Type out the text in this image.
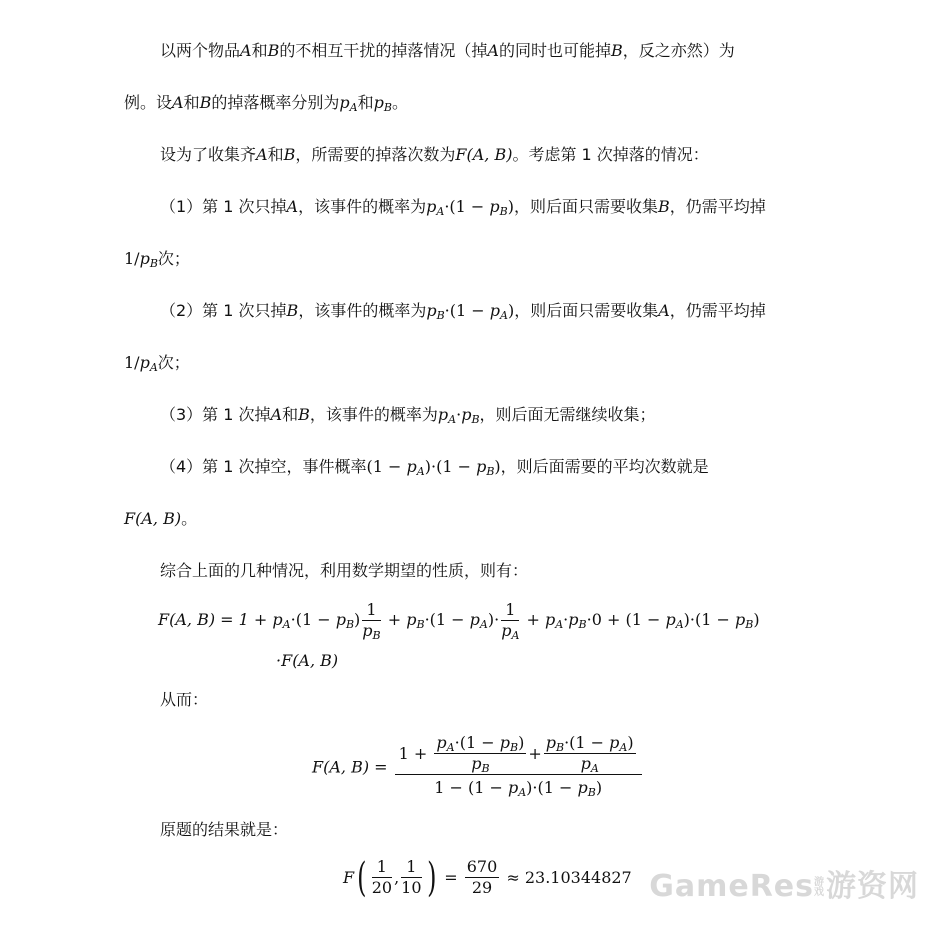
以两个物品A和B的不相互干扰的掉落情况（掉A的同时也可能掉B，反之亦然）为
例。设A和B的掉落概率分别为$p_A$和$p_B$。
设为了收集齐A和B，所需要的掉落次数为F(A, B)。考虑第 1 次掉落的情况：
（1）第 1 次只掉A，该事件的概率为$p_A\cdot(1 - p_B)$，则后面只需要收集B，仍需平均掉
$1/p_B$次；
（2）第 1 次只掉B，该事件的概率为$p_B\cdot(1 - p_A)$，则后面只需要收集A，仍需平均掉
$1/p_A$次；
（3）第 1 次掉A和B，该事件的概率为$p_A\cdot p_B$，则后面无需继续收集；
（4）第 1 次掉空，事件概率$(1 - p_A)\cdot(1 - p_B)$，则后面需要的平均次数就是
F(A, B)。
综合上面的几种情况，利用数学期望的性质，则有：
F(A, $B) = 1 + p_A\cdot(1 - p_B) \frac{1}{p_B} + p_B\cdot(1 - p_A)\cdot \frac{1}{p_A} + p_A\cdot p_B\cdot 0 + (1 - p_A)\cdot(1 - p_B)$
·F(A, B)
从而：
F(A, $B) = \frac{1 + \frac{p_A\cdot(1 - p_B)}{p_B} + \frac{p_B\cdot(1 - p_A)}{p_A}}{1 - (1 - p_A)\cdot(1 - p_B)}$
原题的结果就是：
$F( \frac{1}{20}$ , $\frac{1}{10}$ ) = $\frac{670}{29} \approx 23.10344827$ GameRes游戏游资网
